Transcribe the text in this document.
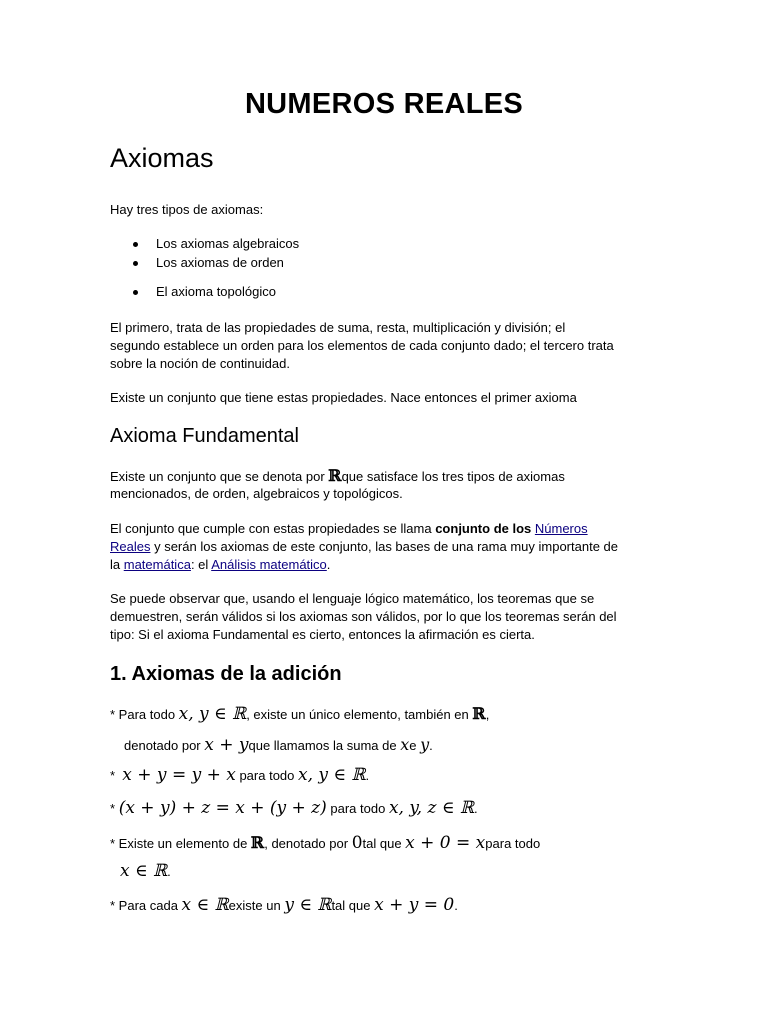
NUMEROS REALES
Axiomas
Hay tres tipos de axiomas:
Los axiomas algebraicos
Los axiomas de orden
El axioma topológico
El primero, trata de las propiedades de suma, resta, multiplicación y división; el
segundo establece un orden para los elementos de cada conjunto dado; el tercero trata
sobre la noción de continuidad.
Existe un conjunto que tiene estas propiedades. Nace entonces el primer axioma
Axioma Fundamental
Existe un conjunto que se denota por ℝque satisface los tres tipos de axiomas
mencionados, de orden, algebraicos y topológicos.
El conjunto que cumple con estas propiedades se llama conjunto de los Números
Reales y serán los axiomas de este conjunto, las bases de una rama muy importante de
la matemática: el Análisis matemático.
Se puede observar que, usando el lenguaje lógico matemático, los teoremas que se
demuestren, serán válidos si los axiomas son válidos, por lo que los teoremas serán del
tipo: Si el axioma Fundamental es cierto, entonces la afirmación es cierta.
1. Axiomas de la adición
* Para todo x, y ∈ ℝ, existe un único elemento, también en ℝ,
denotado por x + yque llamamos la suma de xe y.
* x + y = y + x para todo x, y ∈ ℝ.
* (x + y) + z = x + (y + z) para todo x, y, z ∈ ℝ.
* Existe un elemento de ℝ, denotado por 0tal que x + 0 = xpara todo
x ∈ ℝ.
* Para cada x ∈ ℝexiste un y ∈ ℝtal que x + y = 0.
